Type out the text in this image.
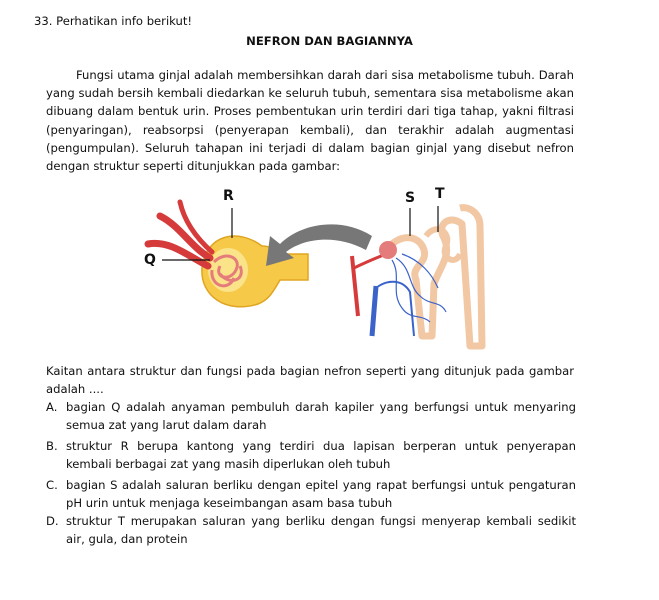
33. Perhatikan info berikut!
NEFRON DAN BAGIANNYA
Fungsi utama ginjal adalah membersihkan darah dari sisa metabolisme tubuh. Darah yang sudah bersih kembali diedarkan ke seluruh tubuh, sementara sisa metabolisme akan dibuang dalam bentuk urin. Proses pembentukan urin terdiri dari tiga tahap, yakni filtrasi (penyaringan), reabsorpsi (penyerapan kembali), dan terakhir adalah augmentasi (pengumpulan). Seluruh tahapan ini terjadi di dalam bagian ginjal yang disebut nefron dengan struktur seperti ditunjukkan pada gambar:
R
Q
S T
Kaitan antara struktur dan fungsi pada bagian nefron seperti yang ditunjuk pada gambar adalah ....
A. bagian Q adalah anyaman pembuluh darah kapiler yang berfungsi untuk menyaring semua zat yang larut dalam darah
B. struktur R berupa kantong yang terdiri dua lapisan berperan untuk penyerapan kembali berbagai zat yang masih diperlukan oleh tubuh
C. bagian S adalah saluran berliku dengan epitel yang rapat berfungsi untuk pengaturan pH urin untuk menjaga keseimbangan asam basa tubuh
D. struktur T merupakan saluran yang berliku dengan fungsi menyerap kembali sedikit air, gula, dan protein
